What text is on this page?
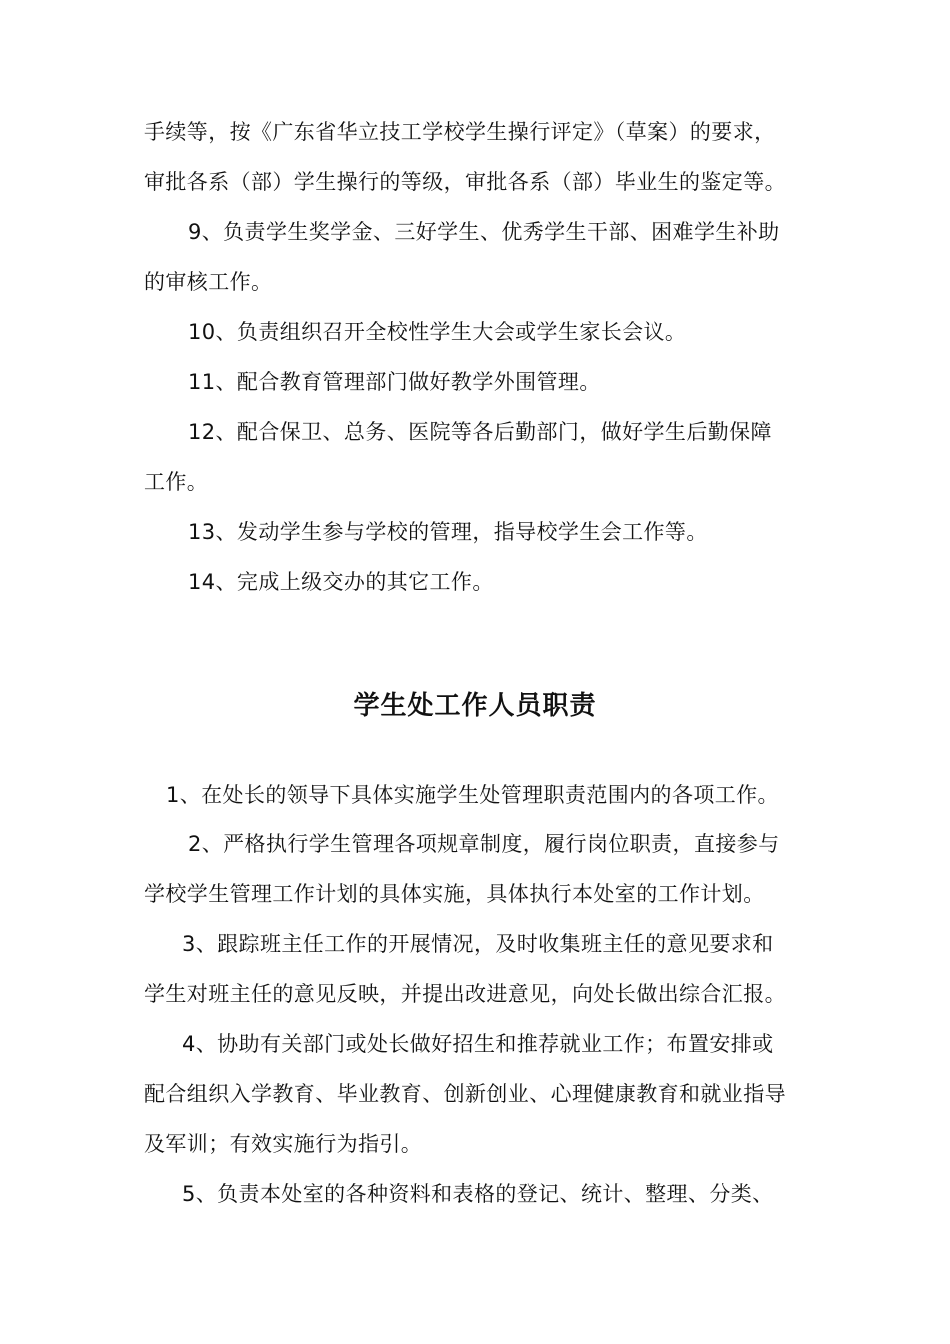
手续等，按《广东省华立技工学校学生操行评定》（草案）的要求，
审批各系（部）学生操行的等级，审批各系（部）毕业生的鉴定等。
9、负责学生奖学金、三好学生、优秀学生干部、困难学生补助
的审核工作。
10、负责组织召开全校性学生大会或学生家长会议。
11、配合教育管理部门做好教学外围管理。
12、配合保卫、总务、医院等各后勤部门，做好学生后勤保障
工作。
13、发动学生参与学校的管理，指导校学生会工作等。
14、完成上级交办的其它工作。
学生处工作人员职责
1、在处长的领导下具体实施学生处管理职责范围内的各项工作。
2、严格执行学生管理各项规章制度，履行岗位职责，直接参与
学校学生管理工作计划的具体实施，具体执行本处室的工作计划。
3、跟踪班主任工作的开展情况，及时收集班主任的意见要求和
学生对班主任的意见反映，并提出改进意见，向处长做出综合汇报。
4、协助有关部门或处长做好招生和推荐就业工作；布置安排或
配合组织入学教育、毕业教育、创新创业、心理健康教育和就业指导
及军训；有效实施行为指引。
5、负责本处室的各种资料和表格的登记、统计、整理、分类、
